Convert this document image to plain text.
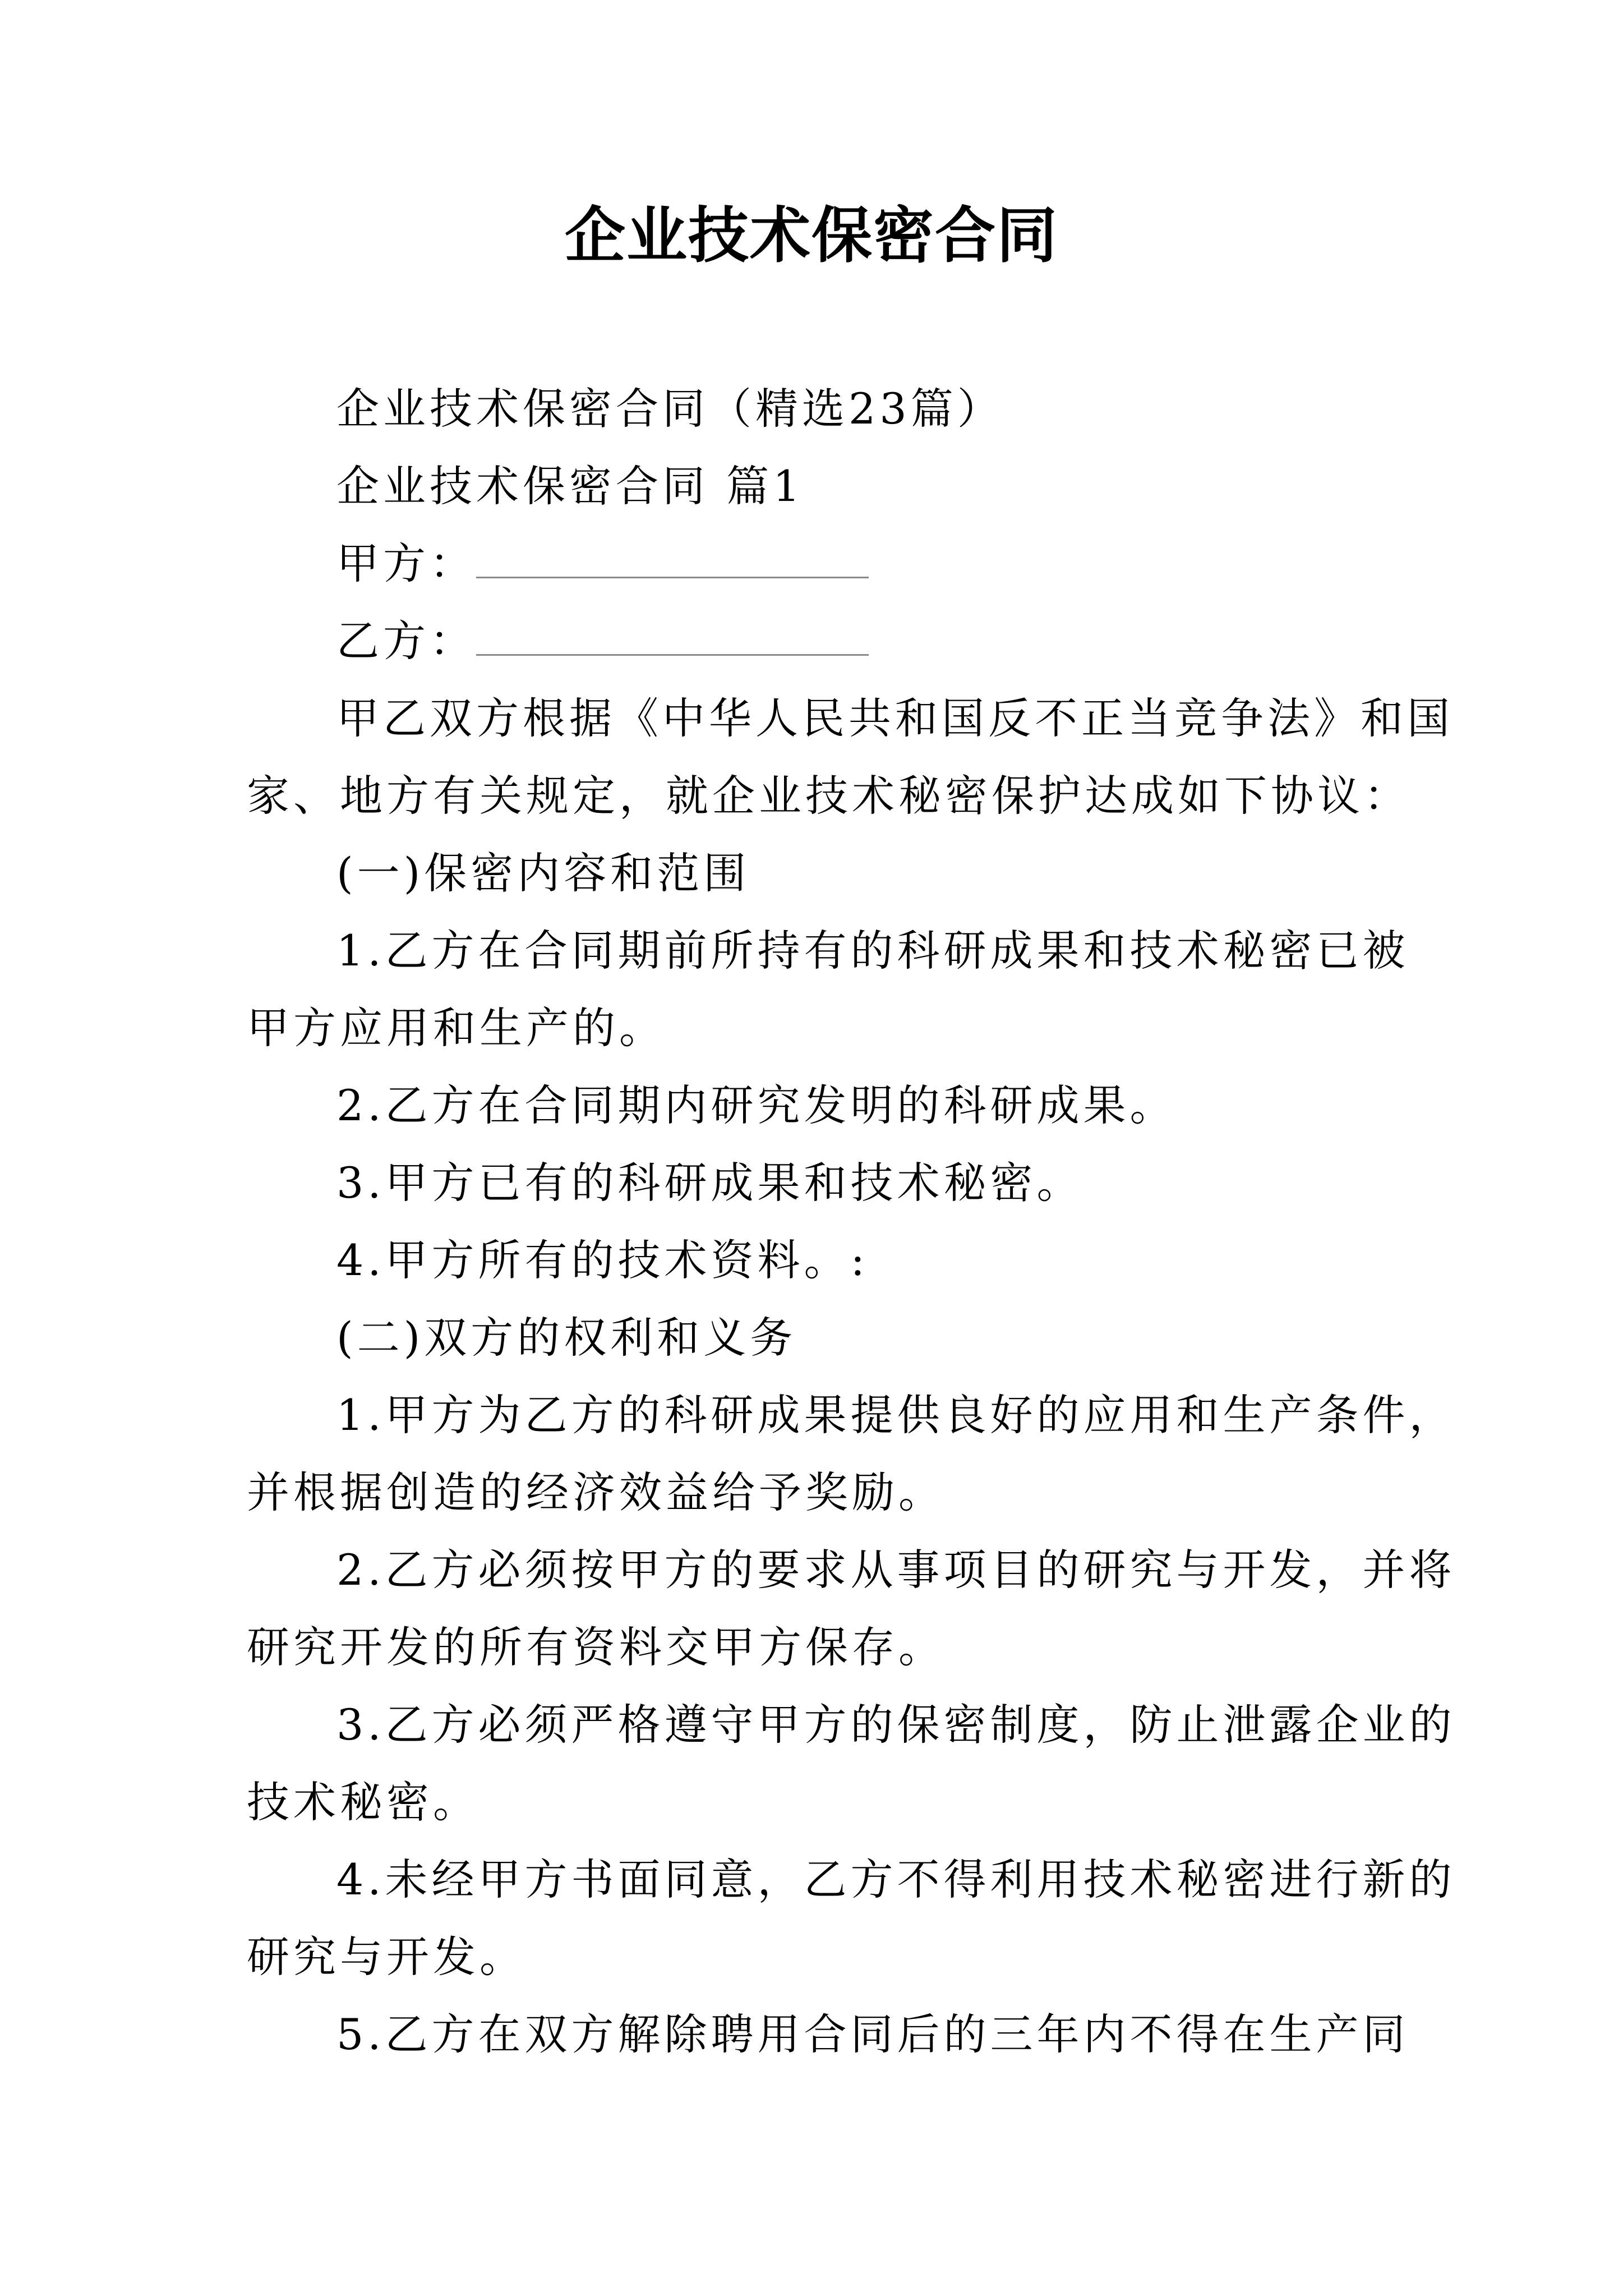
企业技术保密合同
企业技术保密合同（精选23篇）
企业技术保密合同 篇1
甲方：
乙方：
甲乙双方根据《中华人民共和国反不正当竞争法》和国
家、地方有关规定，就企业技术秘密保护达成如下协议：
(一)保密内容和范围
1.乙方在合同期前所持有的科研成果和技术秘密已被
甲方应用和生产的。
2.乙方在合同期内研究发明的科研成果。
3.甲方已有的科研成果和技术秘密。
4.甲方所有的技术资料。:
(二)双方的权利和义务
1.甲方为乙方的科研成果提供良好的应用和生产条件，
并根据创造的经济效益给予奖励。
2.乙方必须按甲方的要求从事项目的研究与开发，并将
研究开发的所有资料交甲方保存。
3.乙方必须严格遵守甲方的保密制度，防止泄露企业的
技术秘密。
4.未经甲方书面同意，乙方不得利用技术秘密进行新的
研究与开发。
5.乙方在双方解除聘用合同后的三年内不得在生产同
